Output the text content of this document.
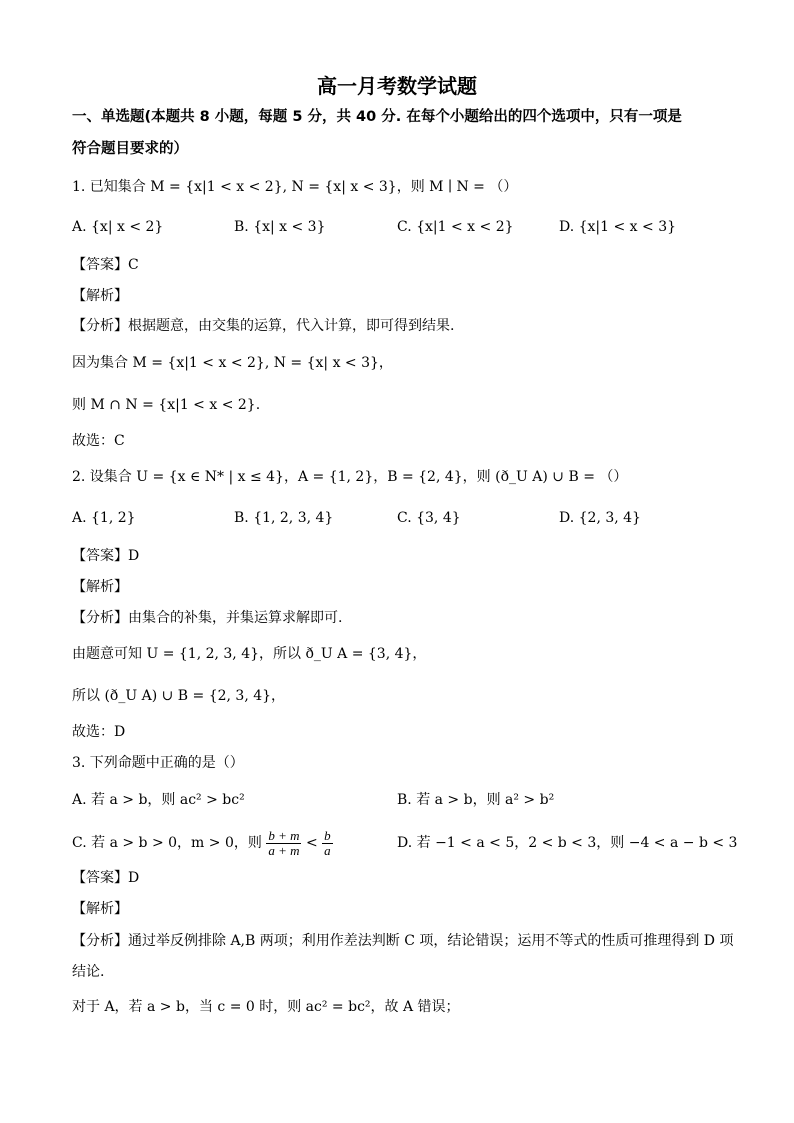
高一月考数学试题
一、单选题(本题共 8 小题，每题 5 分，共 40 分. 在每个小题给出的四个选项中，只有一项是
符合题目要求的）
1. 已知集合 M = {x|1 < x < 2}, N = {x| x < 3}，则 M ∣ N = （）
A. {x| x < 2}	B. {x| x < 3}	C. {x|1 < x < 2}	D. {x|1 < x < 3}
【答案】C
【解析】
【分析】根据题意，由交集的运算，代入计算，即可得到结果.
因为集合 M = {x|1 < x < 2}, N = {x| x < 3}，
则 M ∩ N = {x|1 < x < 2}.
故选：C
2. 设集合 U = {x ∈ N* | x ≤ 4}，A = {1, 2}，B = {2, 4}，则 (ð_U A) ∪ B = （）
A. {1, 2}	B. {1, 2, 3, 4}	C. {3, 4}	D. {2, 3, 4}
【答案】D
【解析】
【分析】由集合的补集，并集运算求解即可.
由题意可知 U = {1, 2, 3, 4}，所以 ð_U A = {3, 4}，
所以 (ð_U A) ∪ B = {2, 3, 4}，
故选：D
3. 下列命题中正确的是（）
A. 若 a > b，则 ac² > bc²	B. 若 a > b，则 a² > b²
C. 若 a > b > 0，m > 0，则 $\frac{b + m}{a + m} < \frac{b}{a}$	D. 若 −1 < a < 5，2 < b < 3，则 −4 < a − b < 3
【答案】D
【解析】
【分析】通过举反例排除 A,B 两项；利用作差法判断 C 项，结论错误；运用不等式的性质可推理得到 D 项
结论.
对于 A，若 a > b，当 c = 0 时，则 ac² = bc²，故 A 错误；
